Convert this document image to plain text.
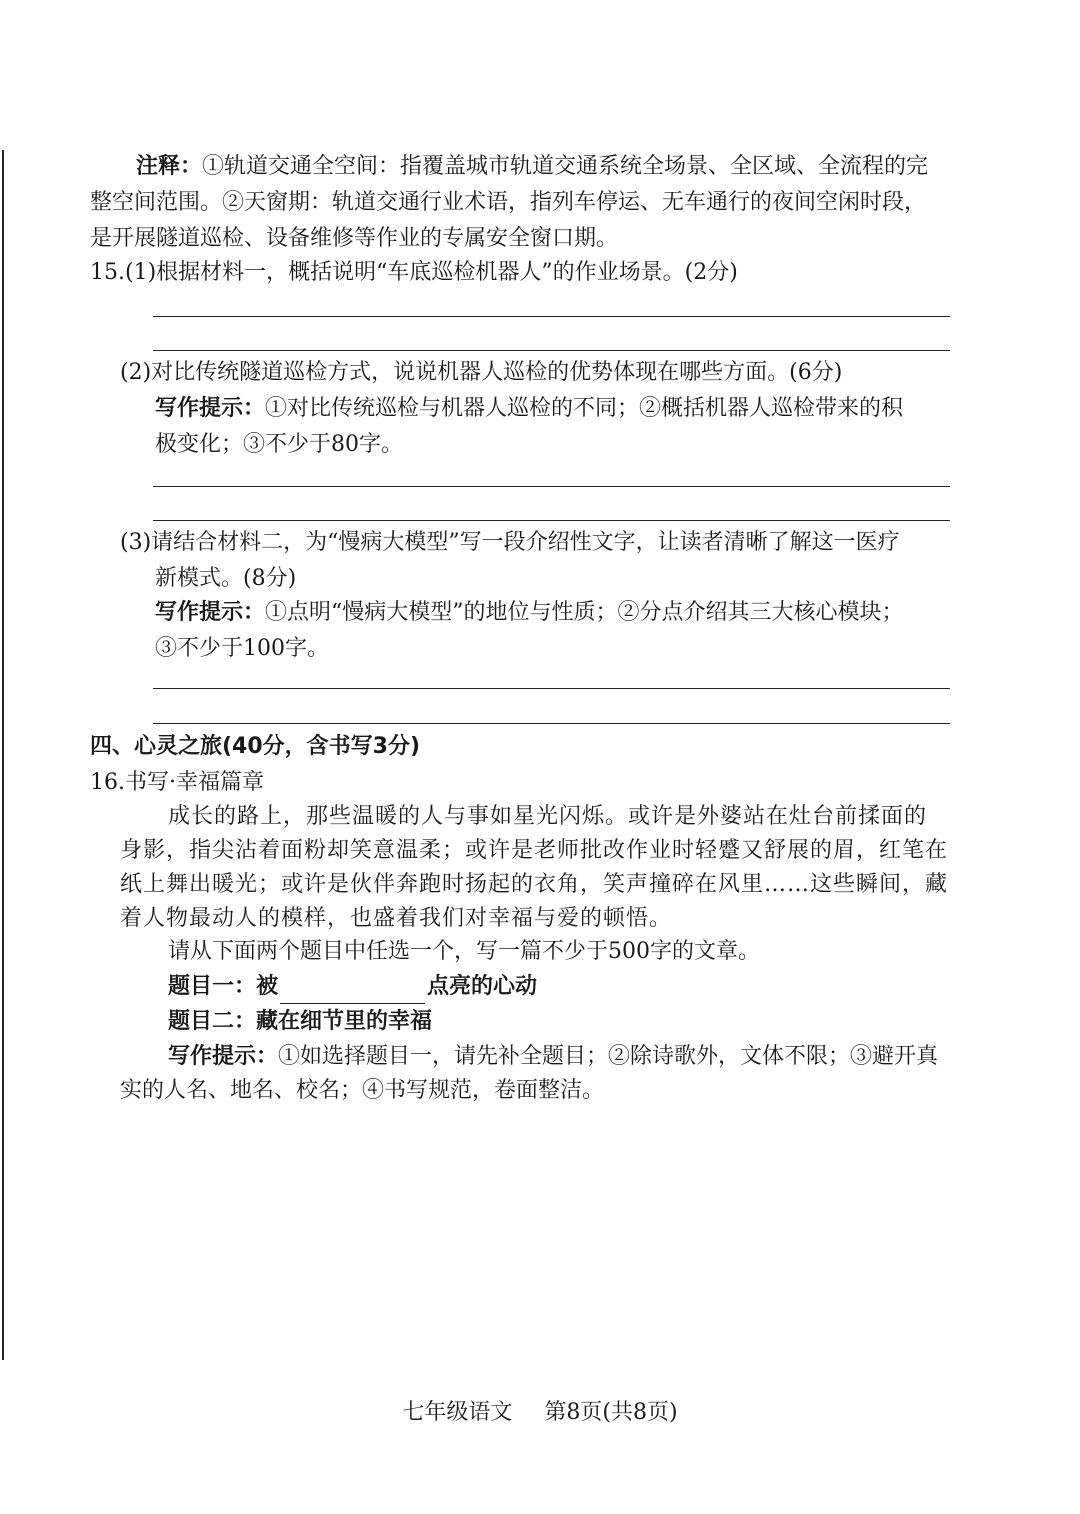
注释：①轨道交通全空间：指覆盖城市轨道交通系统全场景、全区域、全流程的完
整空间范围。②天窗期：轨道交通行业术语，指列车停运、无车通行的夜间空闲时段，
是开展隧道巡检、设备维修等作业的专属安全窗口期。
15.(1)根据材料一，概括说明“车底巡检机器人”的作业场景。(2分)
(2)对比传统隧道巡检方式，说说机器人巡检的优势体现在哪些方面。(6分)
写作提示：①对比传统巡检与机器人巡检的不同；②概括机器人巡检带来的积
极变化；③不少于80字。
(3)请结合材料二，为“慢病大模型”写一段介绍性文字，让读者清晰了解这一医疗
新模式。(8分)
写作提示：①点明“慢病大模型”的地位与性质；②分点介绍其三大核心模块；
③不少于100字。
四、心灵之旅(40分，含书写3分)
16.书写·幸福篇章
成长的路上，那些温暖的人与事如星光闪烁。或许是外婆站在灶台前揉面的
身影，指尖沾着面粉却笑意温柔；或许是老师批改作业时轻蹙又舒展的眉，红笔在
纸上舞出暖光；或许是伙伴奔跑时扬起的衣角，笑声撞碎在风里……这些瞬间，藏
着人物最动人的模样，也盛着我们对幸福与爱的顿悟。
请从下面两个题目中任选一个，写一篇不少于500字的文章。
题目一：被	点亮的心动
题目二：藏在细节里的幸福
写作提示：①如选择题目一，请先补全题目；②除诗歌外，文体不限；③避开真
实的人名、地名、校名；④书写规范，卷面整洁。
七年级语文 第8页(共8页)
